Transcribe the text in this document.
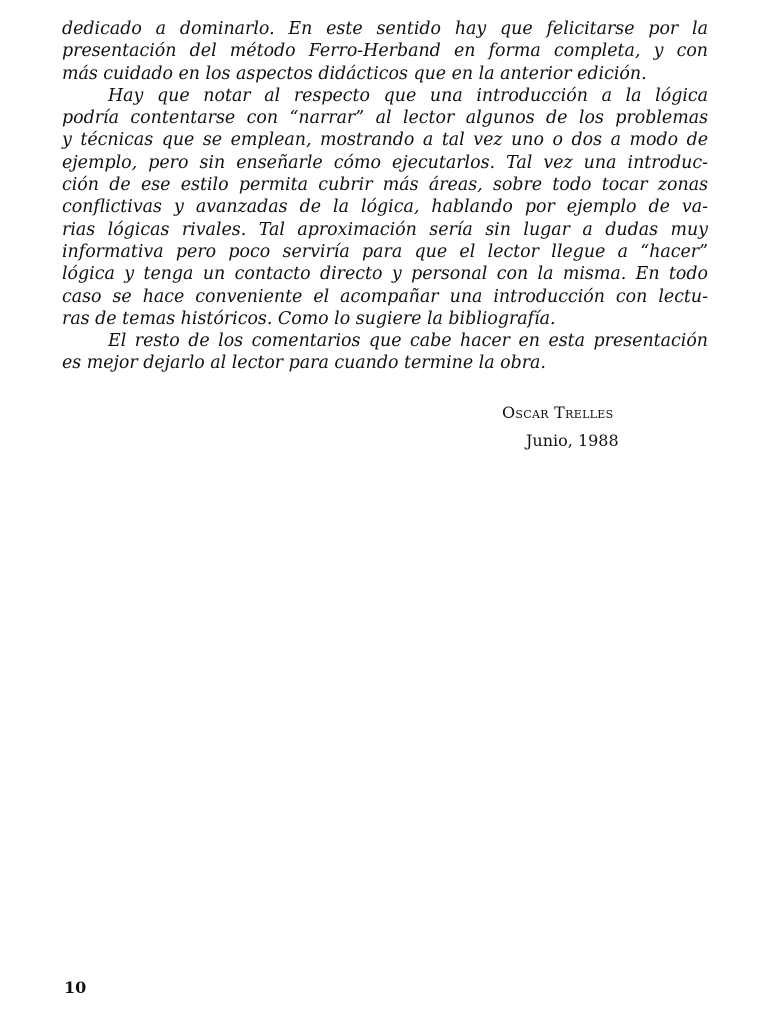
dedicado a dominarlo. En este sentido hay que felicitarse por la
presentación del método Ferro-Herband en forma completa, y con
más cuidado en los aspectos didácticos que en la anterior edición.

Hay que notar al respecto que una introducción a la lógica
podría contentarse con “narrar” al lector algunos de los problemas
y técnicas que se emplean, mostrando a tal vez uno o dos a modo de
ejemplo, pero sin enseñarle cómo ejecutarlos. Tal vez una introduc-
ción de ese estilo permita cubrir más áreas, sobre todo tocar zonas
conflictivas y avanzadas de la lógica, hablando por ejemplo de va-
rias lógicas rivales. Tal aproximación sería sin lugar a dudas muy
informativa pero poco serviría para que el lector llegue a “hacer”
lógica y tenga un contacto directo y personal con la misma. En todo
caso se hace conveniente el acompañar una introducción con lectu-
ras de temas históricos. Como lo sugiere la bibliografía.

El resto de los comentarios que cabe hacer en esta presentación
es mejor dejarlo al lector para cuando termine la obra.

Oscar Trelles
Junio, 1988
10
